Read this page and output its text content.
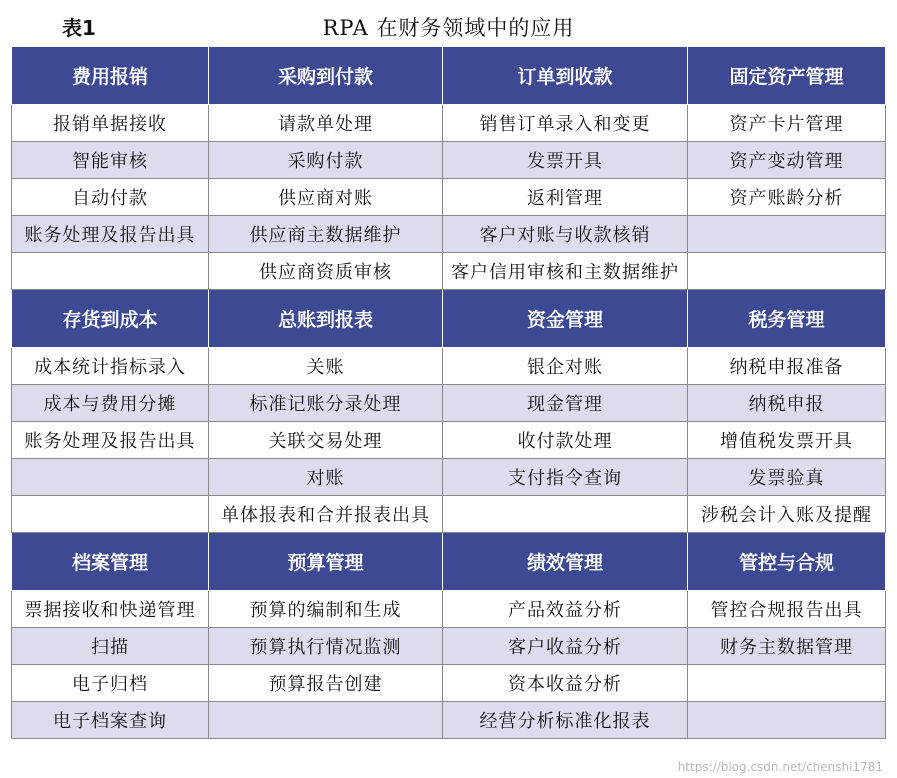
表1	RPA 在财务领域中的应用
费用报销	采购到付款	订单到收款	固定资产管理
报销单据接收	请款单处理	销售订单录入和变更	资产卡片管理
智能审核	采购付款	发票开具	资产变动管理
自动付款	供应商对账	返利管理	资产账龄分析
账务处理及报告出具	供应商主数据维护	客户对账与收款核销	
	供应商资质审核	客户信用审核和主数据维护	
存货到成本	总账到报表	资金管理	税务管理
成本统计指标录入	关账	银企对账	纳税申报准备
成本与费用分摊	标准记账分录处理	现金管理	纳税申报
账务处理及报告出具	关联交易处理	收付款处理	增值税发票开具
	对账	支付指令查询	发票验真
	单体报表和合并报表出具		涉税会计入账及提醒
档案管理	预算管理	绩效管理	管控与合规
票据接收和快递管理	预算的编制和生成	产品效益分析	管控合规报告出具
扫描	预算执行情况监测	客户收益分析	财务主数据管理
电子归档	预算报告创建	资本收益分析	
电子档案查询		经营分析标准化报表	
https://blog.csdn.net/chenshi1781
